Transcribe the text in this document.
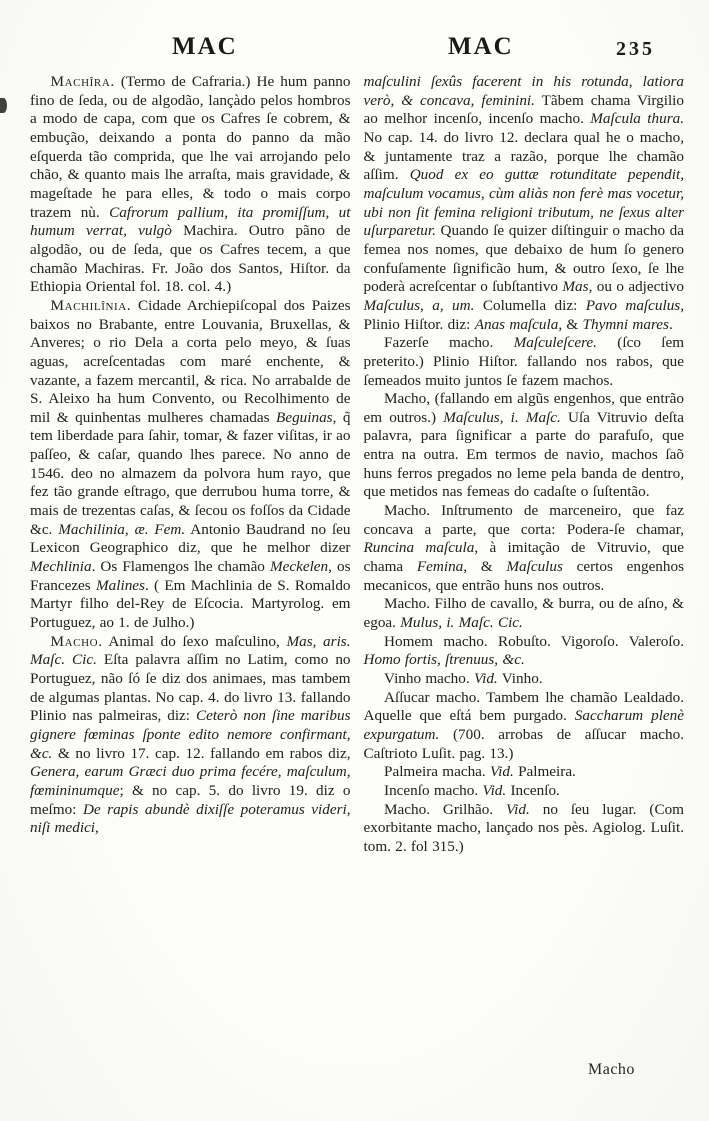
MAC	MAC	235

Machîra. (Termo de Cafraria.) He hum panno fino de ſeda, ou de algodão, lançàdo pelos hombros a modo de capa, com que os Cafres ſe cobrem, & embução, deixando a ponta do panno da mão eſquerda tão comprida, que lhe vai arrojando pelo chão, & quanto mais lhe arraſta, mais gravidade, & mageſtade he para elles, & todo o mais corpo trazem nù. Cafrorum pallium, ita promiſſum, ut humum verrat, vulgò Machira. Outro pãno de algodão, ou de ſeda, que os Cafres tecem, a que chamão Machiras. Fr. João dos Santos, Hiſtor. da Ethiopia Oriental fol. 18. col. 4.)

Machilînia. Cidade Archiepiſcopal dos Paizes baixos no Brabante, entre Louvania, Bruxellas, & Anveres; o rio Dela a corta pelo meyo, & ſuas aguas, acreſcentadas com maré enchente, & vazante, a fazem mercantil, & rica. No arrabalde de S. Aleixo ha hum Convento, ou Recolhimento de mil & quinhentas mulheres chamadas Beguinas, q̃ tem liberdade para ſahir, tomar, & fazer viſitas, ir ao paſſeo, & caſar, quando lhes parece. No anno de 1546. deo no almazem da polvora hum rayo, que fez tão grande eſtrago, que derrubou huma torre, & mais de trezentas caſas, & ſecou os foſſos da Cidade &c. Machilinia, æ. Fem. Antonio Baudrand no ſeu Lexicon Geographico diz, que he melhor dizer Mechlinia. Os Flamengos lhe chamão Meckelen, os Francezes Malines. ( Em Machlinia de S. Romaldo Martyr filho del-Rey de Eſcocia. Martyrolog. em Portuguez, ao 1. de Julho.)

Macho. Animal do ſexo maſculino, Mas, aris. Maſc. Cic. Eſta palavra aſſim no Latim, como no Portuguez, não ſó ſe diz dos animaes, mas tambem de algumas plantas. No cap. 4. do livro 13. fallando Plinio nas palmeiras, diz: Ceterò non ſine maribus gignere fœminas ſponte edito nemore confirmant, &c. & no livro 17. cap. 12. fallando em rabos diz, Genera, earum Græci duo prima fecére, maſculum, fœmininumque; & no cap. 5. do livro 19. diz o meſmo: De rapis abundè dixiſſe poteramus videri, niſi medici,

maſculini ſexûs facerent in his rotunda, latiora verò, & concava, feminini. Tãbem chama Virgilio ao melhor incenſo, incenſo macho. Maſcula thura. No cap. 14. do livro 12. declara qual he o macho, & juntamente traz a razão, porque lhe chamão aſſim. Quod ex eo guttæ rotunditate pependit, maſculum vocamus, cùm aliàs non ferè mas vocetur, ubi non ſit femina religioni tributum, ne ſexus alter uſurparetur. Quando ſe quizer diſtinguir o macho da femea nos nomes, que debaixo de hum ſo genero confuſamente ſignificão hum, & outro ſexo, ſe lhe poderà acreſcentar o ſubſtantivo Mas, ou o adjectivo Maſculus, a, um. Columella diz: Pavo maſculus, Plinio Hiſtor. diz: Anas maſcula, & Thymni mares.

Fazerſe macho. Maſculeſcere. (ſco ſem preterito.) Plinio Hiſtor. fallando nos rabos, que ſemeados muito juntos ſe fazem machos.

Macho, (fallando em algũs engenhos, que entrão em outros.) Maſculus, i. Maſc. Uſa Vitruvio deſta palavra, para ſignificar a parte do parafuſo, que entra na outra. Em termos de navio, machos ſaõ huns ferros pregados no leme pela banda de dentro, que metidos nas femeas do cadaſte o ſuſtentão.

Macho. Inſtrumento de marceneiro, que faz concava a parte, que corta: Podera-ſe chamar, Runcina maſcula, à imitação de Vitruvio, que chama Femina, & Maſculus certos engenhos mecanicos, que entrão huns nos outros.

Macho. Filho de cavallo, & burra, ou de aſno, & egoa. Mulus, i. Maſc. Cic.

Homem macho. Robuſto. Vigoroſo. Valeroſo. Homo fortis, ſtrenuus, &c.

Vinho macho. Vid. Vinho.

Aſſucar macho. Tambem lhe chamão Lealdado. Aquelle que eſtá bem purgado. Saccharum plenè expurgatum. (700. arrobas de aſſucar macho. Caſtrioto Luſit. pag. 13.)

Palmeira macha. Vid. Palmeira.

Incenſo macho. Vid. Incenſo.

Macho. Grilhão. Vid. no ſeu lugar. (Com exorbitante macho, lançado nos pès. Agiolog. Luſit. tom. 2. fol 315.)

Macho
